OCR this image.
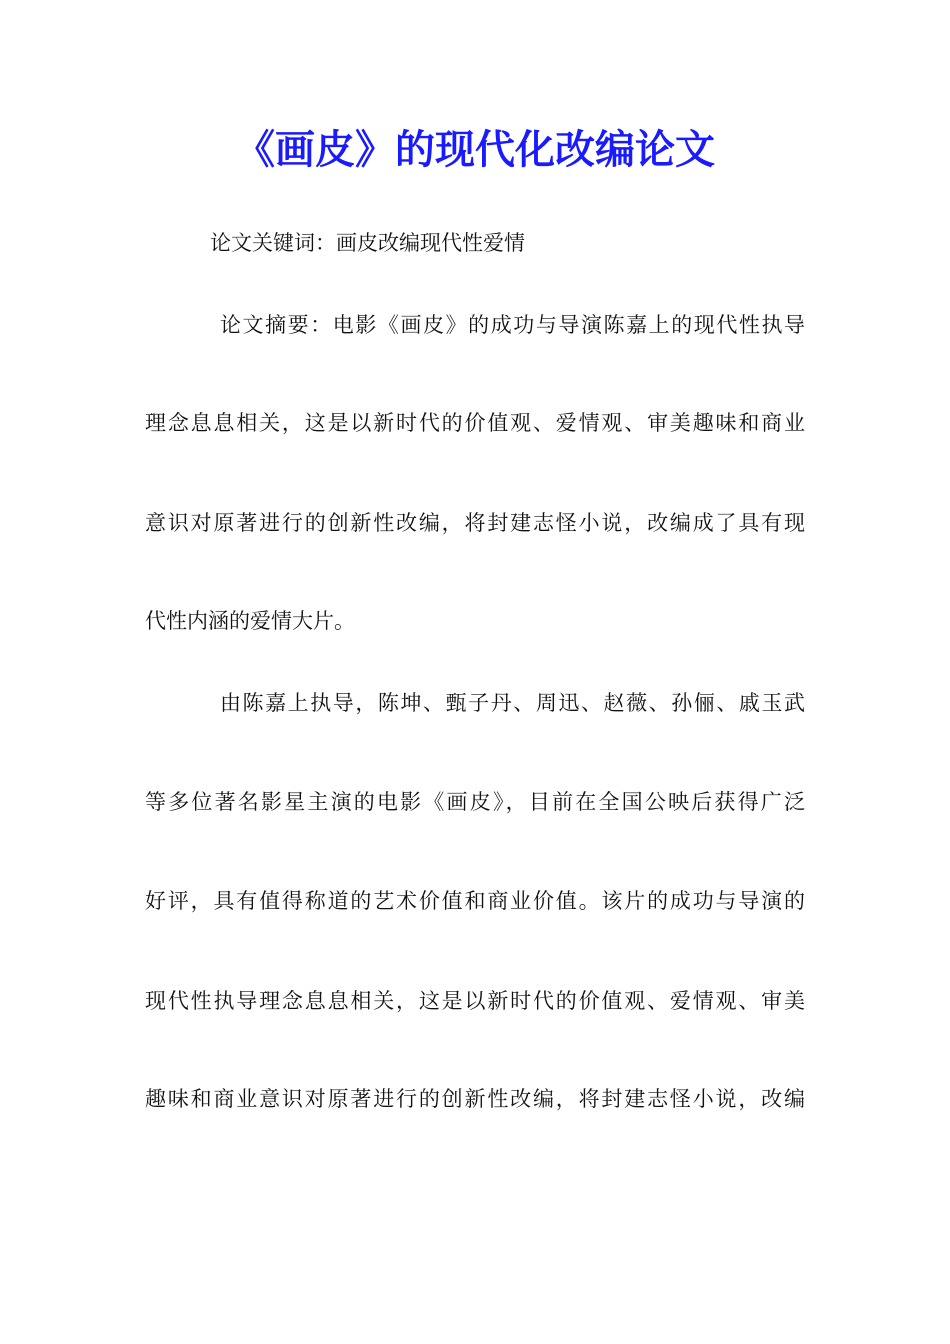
《画皮》的现代化改编论文

论文关键词：画皮改编现代性爱情

论文摘要：电影《画皮》的成功与导演陈嘉上的现代性执导

理念息息相关，这是以新时代的价值观、爱情观、审美趣味和商业

意识对原著进行的创新性改编，将封建志怪小说，改编成了具有现

代性内涵的爱情大片。

由陈嘉上执导，陈坤、甄子丹、周迅、赵薇、孙俪、戚玉武

等多位著名影星主演的电影《画皮》，目前在全国公映后获得广泛

好评，具有值得称道的艺术价值和商业价值。该片的成功与导演的

现代性执导理念息息相关，这是以新时代的价值观、爱情观、审美

趣味和商业意识对原著进行的创新性改编，将封建志怪小说，改编
